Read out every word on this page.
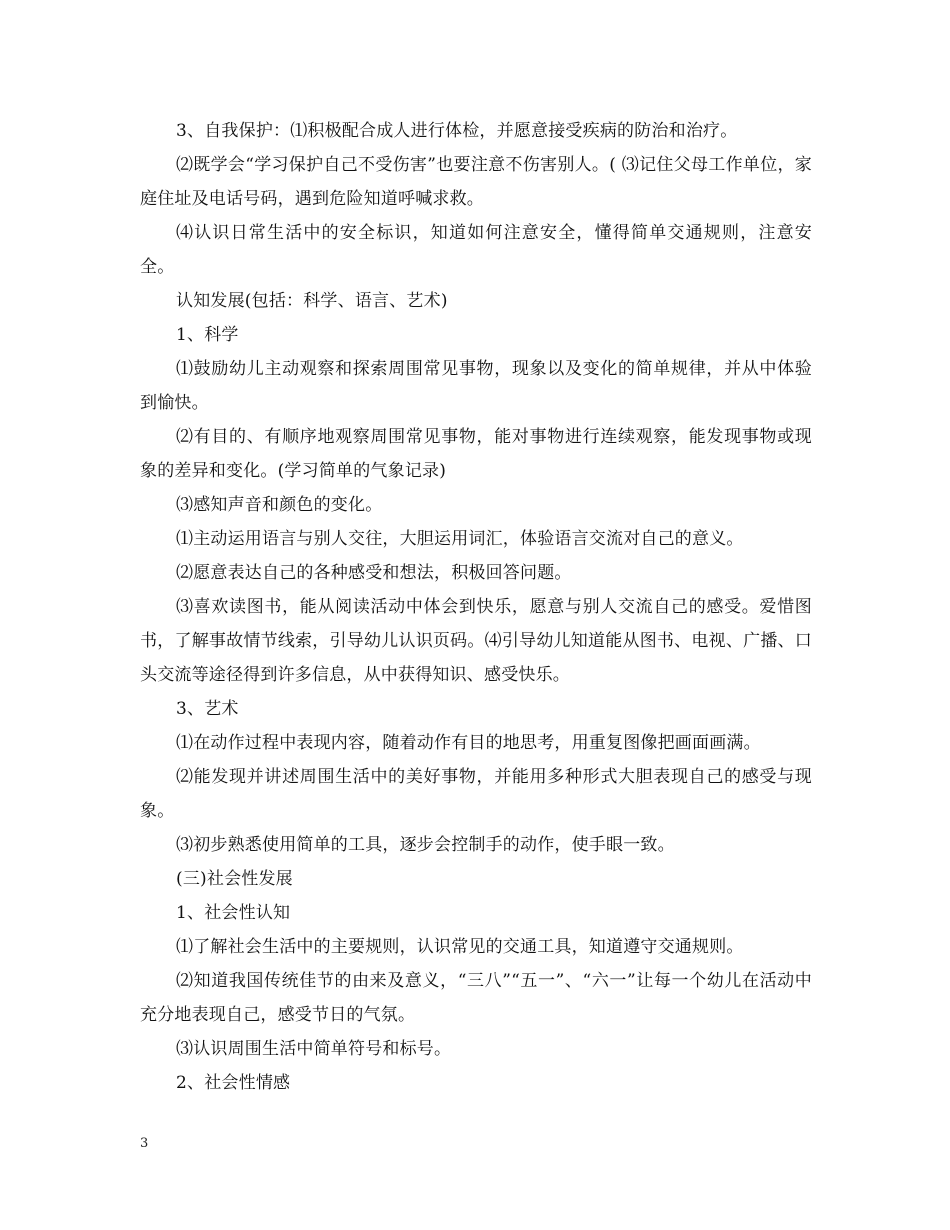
3、自我保护：⑴积极配合成人进行体检，并愿意接受疾病的防治和治疗。

⑵既学会“学习保护自己不受伤害”也要注意不伤害别人。( ⑶记住父母工作单位，家庭住址及电话号码，遇到危险知道呼喊求救。

⑷认识日常生活中的安全标识，知道如何注意安全，懂得简单交通规则，注意安全。

认知发展(包括：科学、语言、艺术)

1、科学

⑴鼓励幼儿主动观察和探索周围常见事物，现象以及变化的简单规律，并从中体验到愉快。

⑵有目的、有顺序地观察周围常见事物，能对事物进行连续观察，能发现事物或现象的差异和变化。(学习简单的气象记录)

⑶感知声音和颜色的变化。

⑴主动运用语言与别人交往，大胆运用词汇，体验语言交流对自己的意义。

⑵愿意表达自己的各种感受和想法，积极回答问题。

⑶喜欢读图书，能从阅读活动中体会到快乐，愿意与别人交流自己的感受。爱惜图书，了解事故情节线索，引导幼儿认识页码。⑷引导幼儿知道能从图书、电视、广播、口头交流等途径得到许多信息，从中获得知识、感受快乐。

3、艺术

⑴在动作过程中表现内容，随着动作有目的地思考，用重复图像把画面画满。

⑵能发现并讲述周围生活中的美好事物，并能用多种形式大胆表现自己的感受与现象。

⑶初步熟悉使用简单的工具，逐步会控制手的动作，使手眼一致。

(三)社会性发展

1、社会性认知

⑴了解社会生活中的主要规则，认识常见的交通工具，知道遵守交通规则。

⑵知道我国传统佳节的由来及意义，“三八”“五一”、“六一”让每一个幼儿在活动中充分地表现自己，感受节日的气氛。

⑶认识周围生活中简单符号和标号。

2、社会性情感

3
